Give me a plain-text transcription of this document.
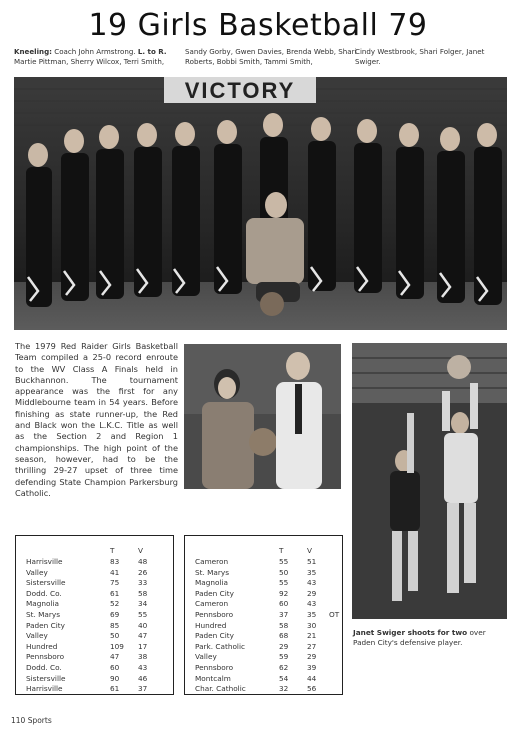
19 Girls Basketball 79
Kneeling: Coach John Armstrong. L. to R. Martie Pittman, Sherry Wilcox, Terri Smith,
Sandy Gorby, Gwen Davies, Brenda Webb, Shari Roberts, Bobbi Smith, Tammi Smith,
Cindy Westbrook, Shari Folger, Janet Swiger.
VICTORY
The 1979 Red Raider Girls Basketball Team compiled a 25-0 record enroute to the WV Class A Finals held in Buckhannon. The tournament appearance was the first for any Middlebourne team in 54 years. Before finishing as state runner-up, the Red and Black won the L.K.C. Title as well as the Section 2 and Region 1 championships. The high point of the season, however, had to be the thrilling 29-27 upset of three time defending State Champion Parkersburg Catholic.
Janet Swiger shoots for two over Paden City's defensive player.
T	V
Harrisville	83	48
Valley	41	26
Sistersville	75	33
Dodd. Co.	61	58
Magnolia	52	34
St. Marys	69	55
Paden City	85	40
Valley	50	47
Hundred	109 17
Pennsboro	47	38
Dodd. Co.	60	43
Sistersville	90	46
Harrisville	61	37
T	V
Cameron	55	51
St. Marys	50	35
Magnolia	55	43
Paden City	92	29
Cameron	60	43
Pennsboro	37	35 OT
Hundred	58	30
Paden City	68	21
Park. Catholic	29	27
Valley	59	29
Pennsboro	62	39
Montcalm	54	44
Char. Catholic	32	56
110 Sports
